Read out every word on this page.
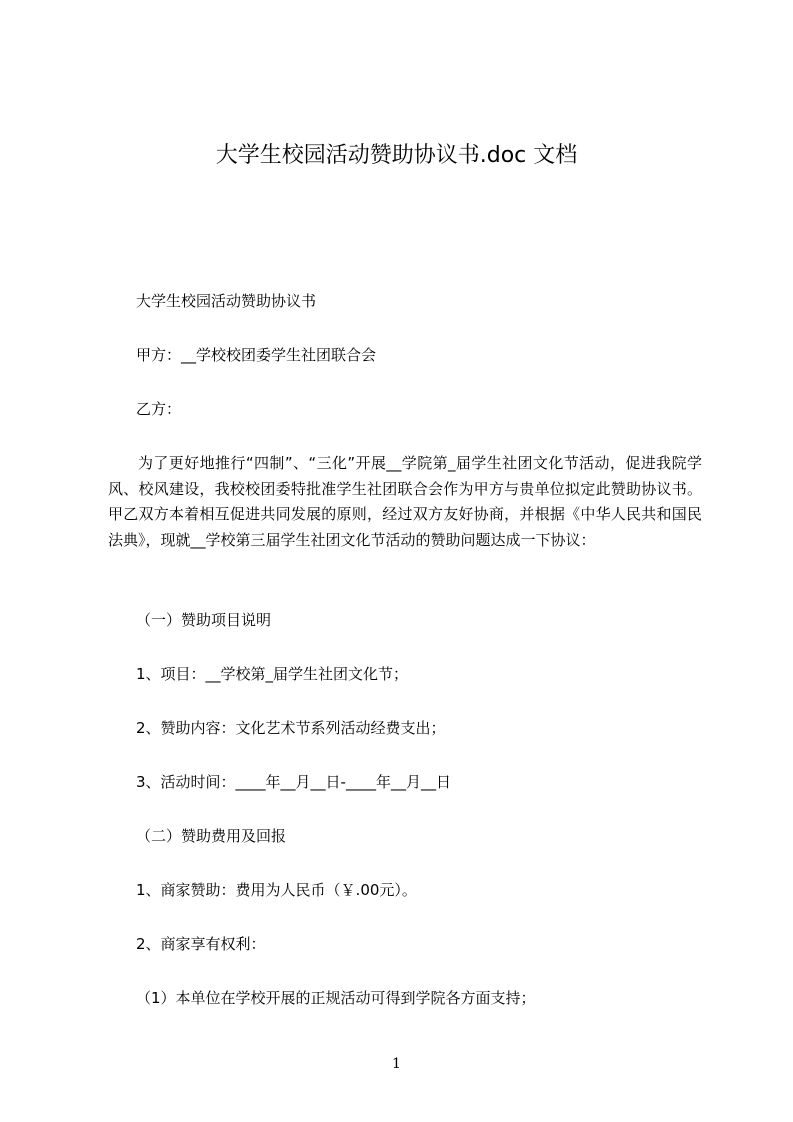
大学生校园活动赞助协议书.doc 文档
大学生校园活动赞助协议书
甲方：__学校校团委学生社团联合会
乙方：
为了更好地推行“四制”、“三化”开展__学院第_届学生社团文化节活动，促进我院学风、校风建设，我校校团委特批准学生社团联合会作为甲方与贵单位拟定此赞助协议书。甲乙双方本着相互促进共同发展的原则，经过双方友好协商，并根据《中华人民共和国民法典》，现就__学校第三届学生社团文化节活动的赞助问题达成一下协议：
（一）赞助项目说明
1、项目：__学校第_届学生社团文化节；
2、赞助内容：文化艺术节系列活动经费支出；
3、活动时间：____年__月__日-____年__月__日
（二）赞助费用及回报
1、商家赞助：费用为人民币（￥.00元）。
2、商家享有权利：
（1）本单位在学校开展的正规活动可得到学院各方面支持；
1
